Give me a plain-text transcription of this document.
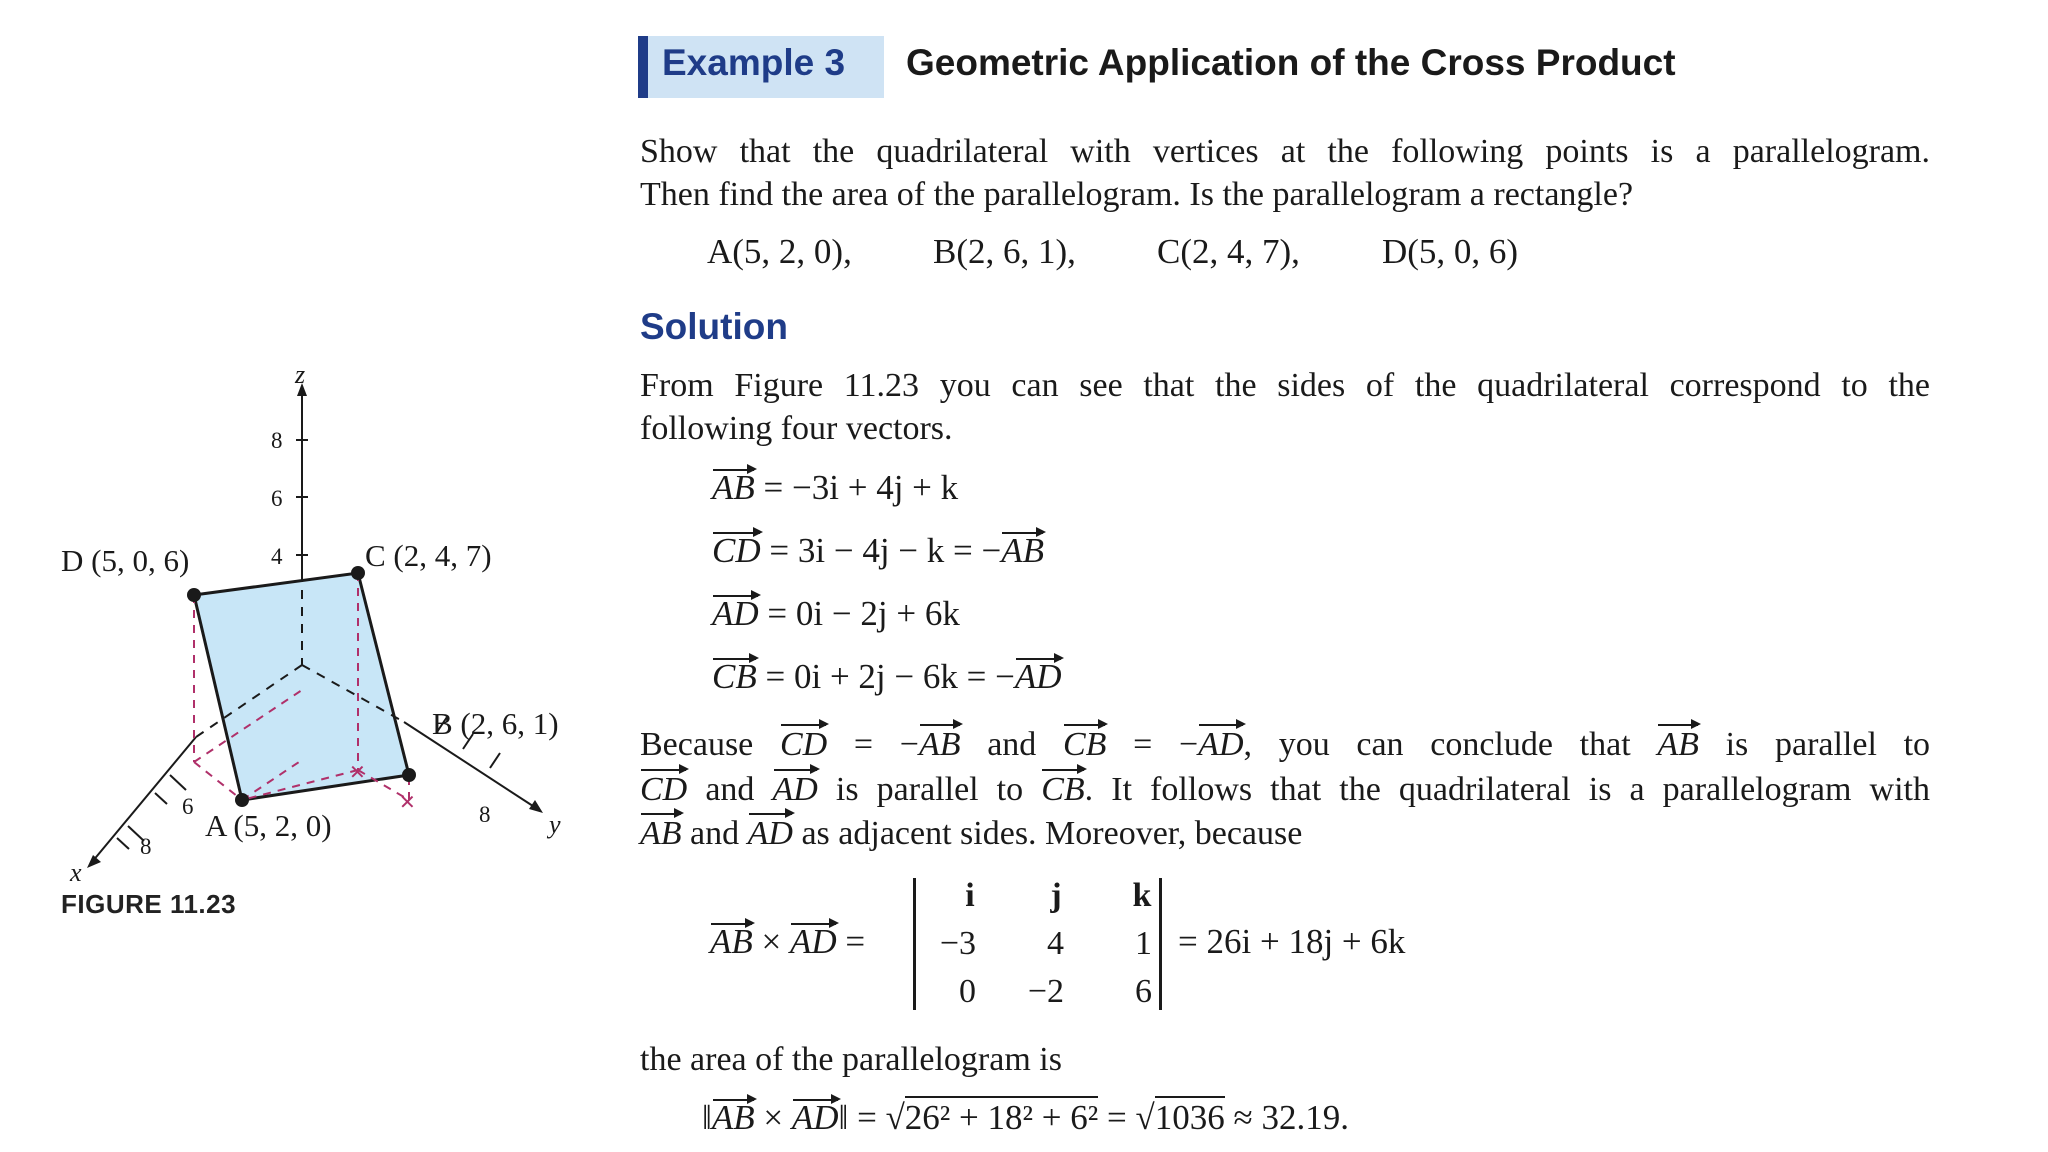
✕
✕
z
x
y
8
6
4
6
8
8
D (5, 0, 6)	C (2, 4, 7)
B (2, 6, 1)
A (5, 2, 0)
FIGURE 11.23
Example 3 Geometric Application of the Cross Product
Show that the quadrilateral with vertices at the following points is a parallelogram.
Then find the area of the parallelogram. Is the parallelogram a rectangle?
A(5, 2, 0), B(2, 6, 1), C(2, 4, 7), D(5, 0, 6)
Solution
From Figure 11.23 you can see that the sides of the quadrilateral correspond to the
following four vectors.
AB = −3i + 4j + k
CD = 3i − 4j − k = −AB
AD = 0i − 2j + 6k
CB = 0i + 2j − 6k = −AD
Because CD = −AB and CB = −AD, you can conclude that AB is parallel to
CD and AD is parallel to CB. It follows that the quadrilateral is a parallelogram with
AB and AD as adjacent sides. Moreover, because
AB × AD =
i	j	k
−3	4	1
0	−2	6
= 26i + 18j + 6k
the area of the parallelogram is
‖AB × AD‖ = √26² + 18² + 6² = √1036 ≈ 32.19.
